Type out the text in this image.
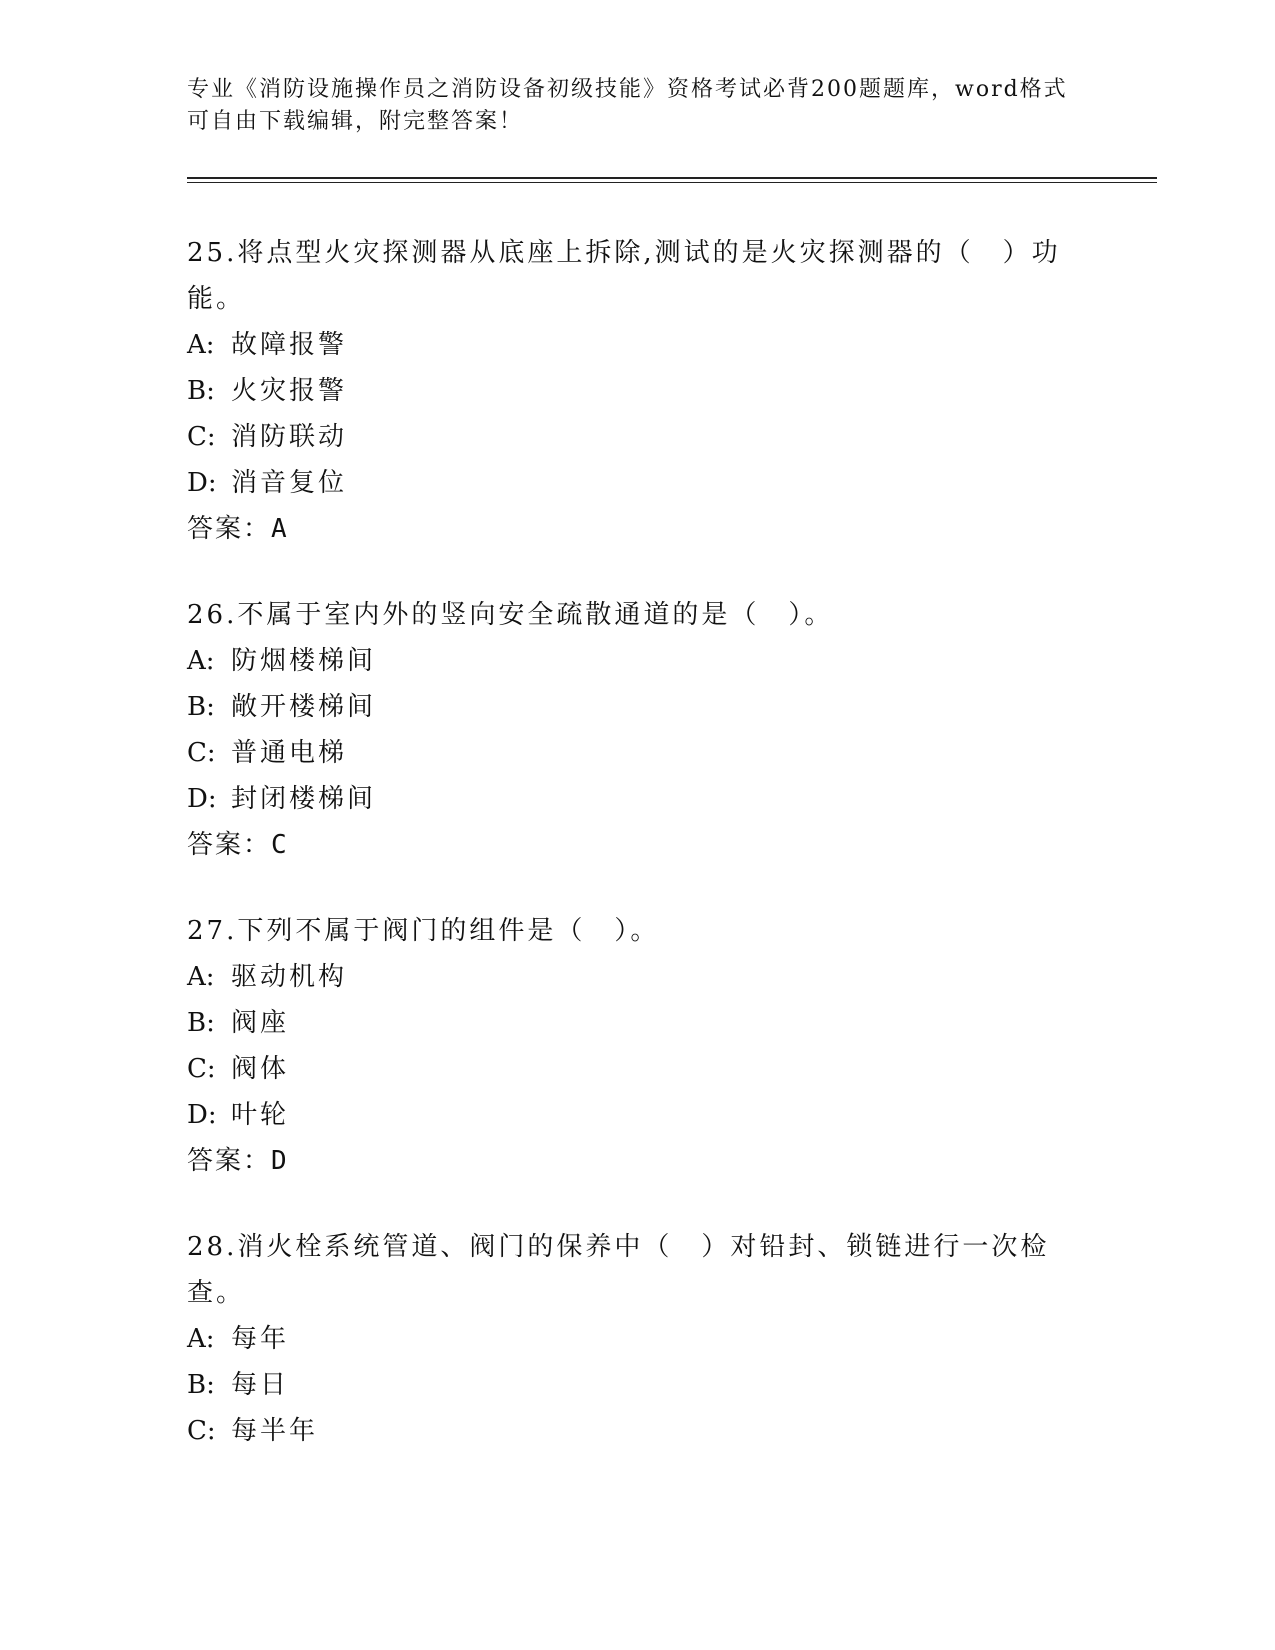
专业《消防设施操作员之消防设备初级技能》资格考试必背200题题库，word格式可自由下载编辑，附完整答案！
25.将点型火灾探测器从底座上拆除,测试的是火灾探测器的（　）功能。
A: 故障报警
B: 火灾报警
C: 消防联动
D: 消音复位
答案：A
26.不属于室内外的竖向安全疏散通道的是（　）。
A: 防烟楼梯间
B: 敞开楼梯间
C: 普通电梯
D: 封闭楼梯间
答案：C
27.下列不属于阀门的组件是（　）。
A: 驱动机构
B: 阀座
C: 阀体
D: 叶轮
答案：D
28.消火栓系统管道、阀门的保养中（　）对铅封、锁链进行一次检查。
A: 每年
B: 每日
C: 每半年
